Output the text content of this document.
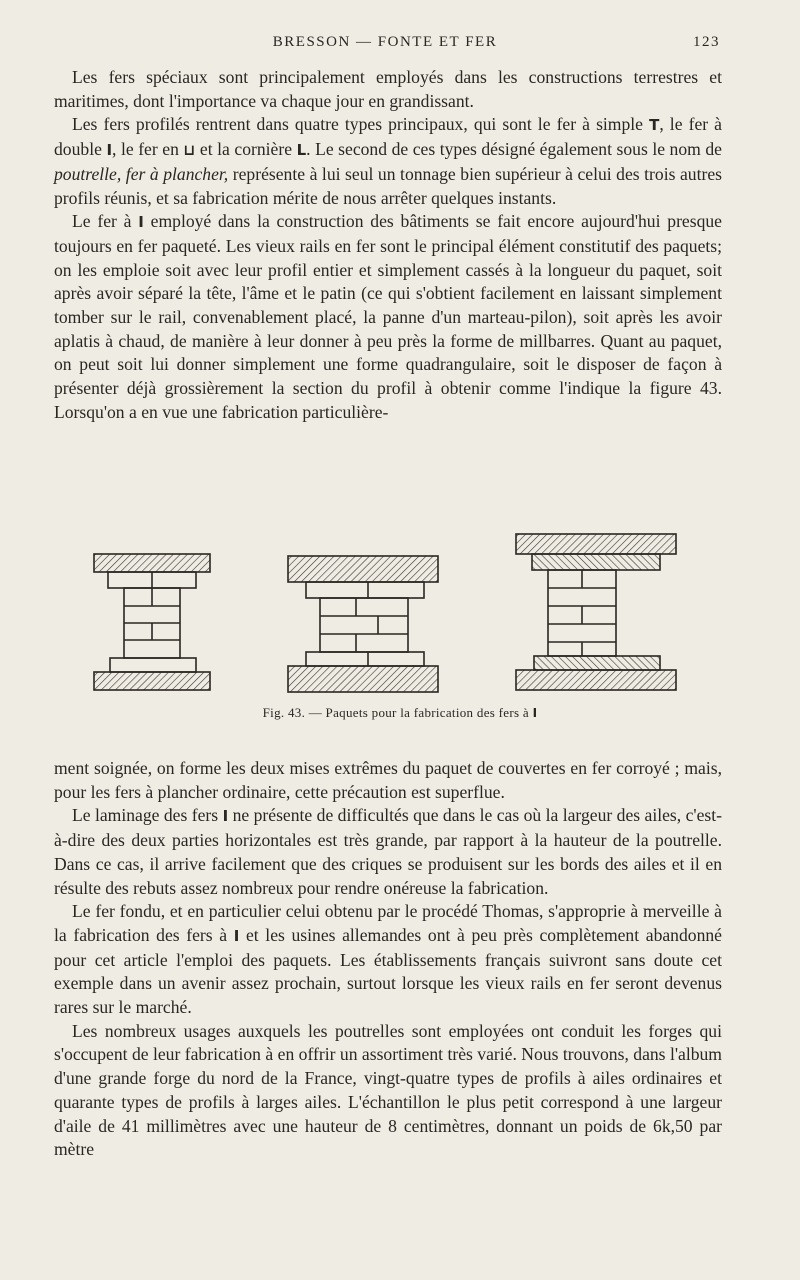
BRESSON — FONTE ET FER	123

Les fers spéciaux sont principalement employés dans les constructions terrestres et maritimes, dont l'importance va chaque jour en grandissant.

Les fers profilés rentrent dans quatre types principaux, qui sont le fer à simple T, le fer à double I, le fer en ⊔ et la cornière L. Le second de ces types désigné également sous le nom de poutrelle, fer à plancher, représente à lui seul un tonnage bien supérieur à celui des trois autres profils réunis, et sa fabrication mérite de nous arrêter quelques instants.

Le fer à I employé dans la construction des bâtiments se fait encore aujourd'hui presque toujours en fer paqueté. Les vieux rails en fer sont le principal élément constitutif des paquets; on les emploie soit avec leur profil entier et simplement cassés à la longueur du paquet, soit après avoir séparé la tête, l'âme et le patin (ce qui s'obtient facilement en laissant simplement tomber sur le rail, convenablement placé, la panne d'un marteau-pilon), soit après les avoir aplatis à chaud, de manière à leur donner à peu près la forme de millbarres. Quant au paquet, on peut soit lui donner simplement une forme quadrangulaire, soit le disposer de façon à présenter déjà grossièrement la section du profil à obtenir comme l'indique la figure 43. Lorsqu'on a en vue une fabrication particulière-

Fig. 43. — Paquets pour la fabrication des fers à I

ment soignée, on forme les deux mises extrêmes du paquet de couvertes en fer corroyé ; mais, pour les fers à plancher ordinaire, cette précaution est superflue.

Le laminage des fers I ne présente de difficultés que dans le cas où la largeur des ailes, c'est-à-dire des deux parties horizontales est très grande, par rapport à la hauteur de la poutrelle. Dans ce cas, il arrive facilement que des criques se produisent sur les bords des ailes et il en résulte des rebuts assez nombreux pour rendre onéreuse la fabrication.

Le fer fondu, et en particulier celui obtenu par le procédé Thomas, s'approprie à merveille à la fabrication des fers à I et les usines allemandes ont à peu près complètement abandonné pour cet article l'emploi des paquets. Les établissements français suivront sans doute cet exemple dans un avenir assez prochain, surtout lorsque les vieux rails en fer seront devenus rares sur le marché.

Les nombreux usages auxquels les poutrelles sont employées ont conduit les forges qui s'occupent de leur fabrication à en offrir un assortiment très varié. Nous trouvons, dans l'album d'une grande forge du nord de la France, vingt-quatre types de profils à ailes ordinaires et quarante types de profils à larges ailes. L'échantillon le plus petit correspond à une largeur d'aile de 41 millimètres avec une hauteur de 8 centimètres, donnant un poids de 6k,50 par mètre
